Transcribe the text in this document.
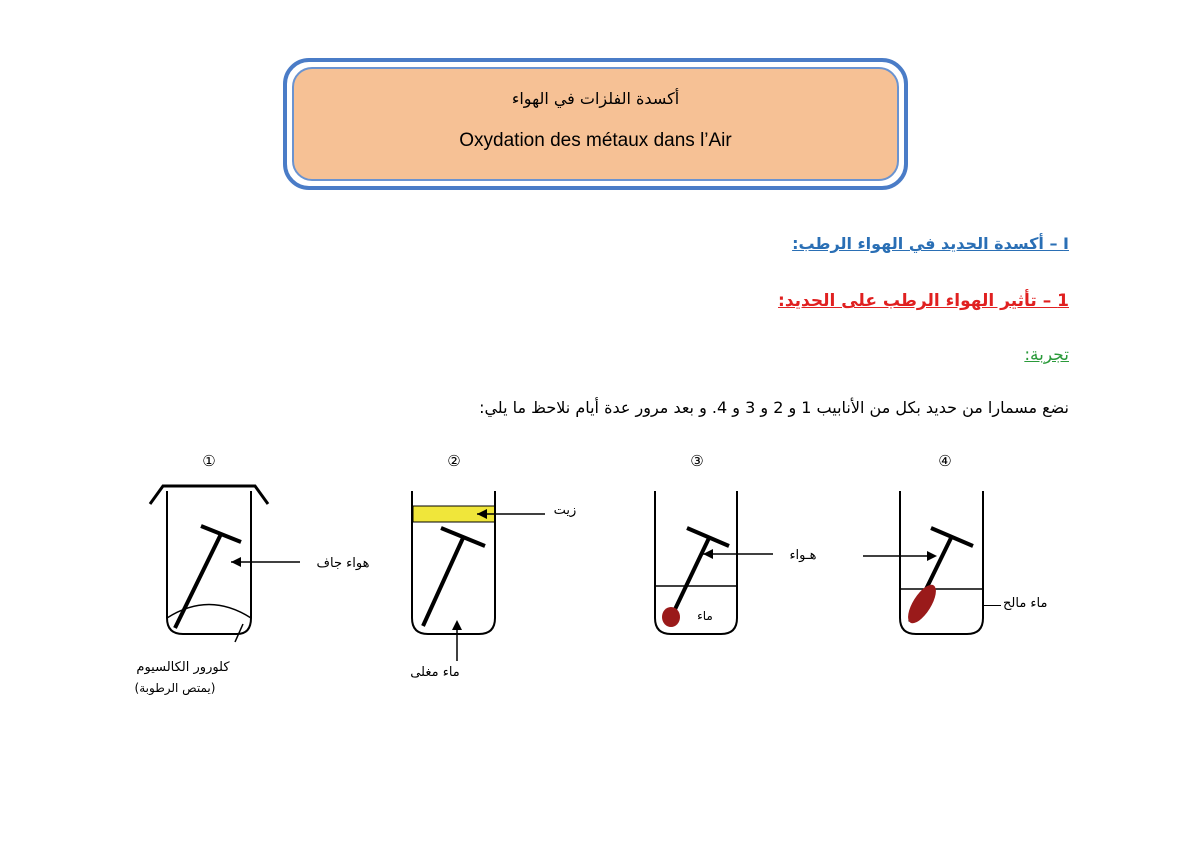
أكسدة الفلزات في الهواء
Oxydation des métaux dans l’Air
I – أكسدة الحديد في الهواء الرطب:
1 – تأثير الهواء الرطب على الحديد:
تجربة:
نضع مسمارا من حديد بكل من الأنابيب 1 و 2 و 3 و 4. و بعد مرور عدة أيام نلاحظ ما يلي:
①	②	③	④
هواء جاف
كلورور الكالسيوم
(يمتص الرطوبة)
زيت
ماء مغلى
هـواء
ماء
ماء مالح
